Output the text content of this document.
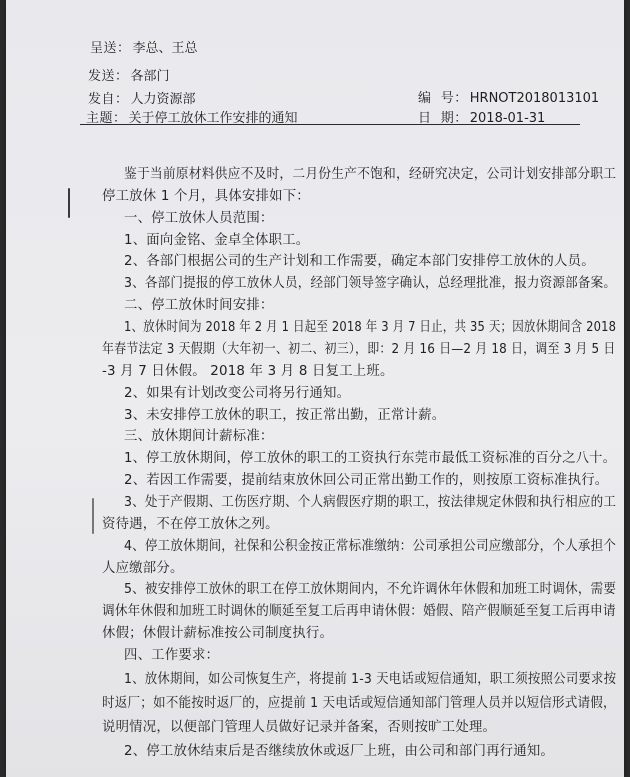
呈送： 李总、王总
发送： 各部门
发自： 人力资源部
主题： 关于停工放休工作安排的通知
编  号： HRNOT2018013101
日  期： 2018-01-31
鉴于当前原材料供应不及时，二月份生产不饱和，经研究决定，公司计划安排部分职工
停工放休 1 个月，具体安排如下：
一、停工放休人员范围：
1、面向金铭、金卓全体职工。
2、各部门根据公司的生产计划和工作需要，确定本部门安排停工放休的人员。
3、各部门提报的停工放休人员，经部门领导签字确认，总经理批准，报力资源部备案。
二、停工放休时间安排：
1、放休时间为 2018 年 2 月 1 日起至 2018 年 3 月 7 日止，共 35 天；因放休期间含 2018
年春节法定 3 天假期（大年初一、初二、初三），即：2 月 16 日—2 月 18 日，调至 3 月 5 日
-3 月 7 日休假。 2018 年 3 月 8 日复工上班。
2、如果有计划改变公司将另行通知。
3、未安排停工放休的职工，按正常出勤，正常计薪。
三、放休期间计薪标准：
1、停工放休期间，停工放休的职工的工资执行东莞市最低工资标准的百分之八十。
2、若因工作需要，提前结束放休回公司正常出勤工作的，则按原工资标准执行。
3、处于产假期、工伤医疗期、个人病假医疗期的职工，按法律规定休假和执行相应的工
资待遇，不在停工放休之列。
4、停工放休期间，社保和公积金按正常标准缴纳：公司承担公司应缴部分，个人承担个
人应缴部分。
5、被安排停工放休的职工在停工放休期间内，不允许调休年休假和加班工时调休，需要
调休年休假和加班工时调休的顺延至复工后再申请休假：婚假、陪产假顺延至复工后再申请
休假；休假计薪标准按公司制度执行。
四、工作要求：
1、放休期间，如公司恢复生产，将提前 1-3 天电话或短信通知，职工须按照公司要求按
时返厂；如不能按时返厂的，应提前 1 天电话或短信通知部门管理人员并以短信形式请假，
说明情况，以便部门管理人员做好记录并备案，否则按旷工处理。
2、停工放休结束后是否继续放休或返厂上班，由公司和部门再行通知。
